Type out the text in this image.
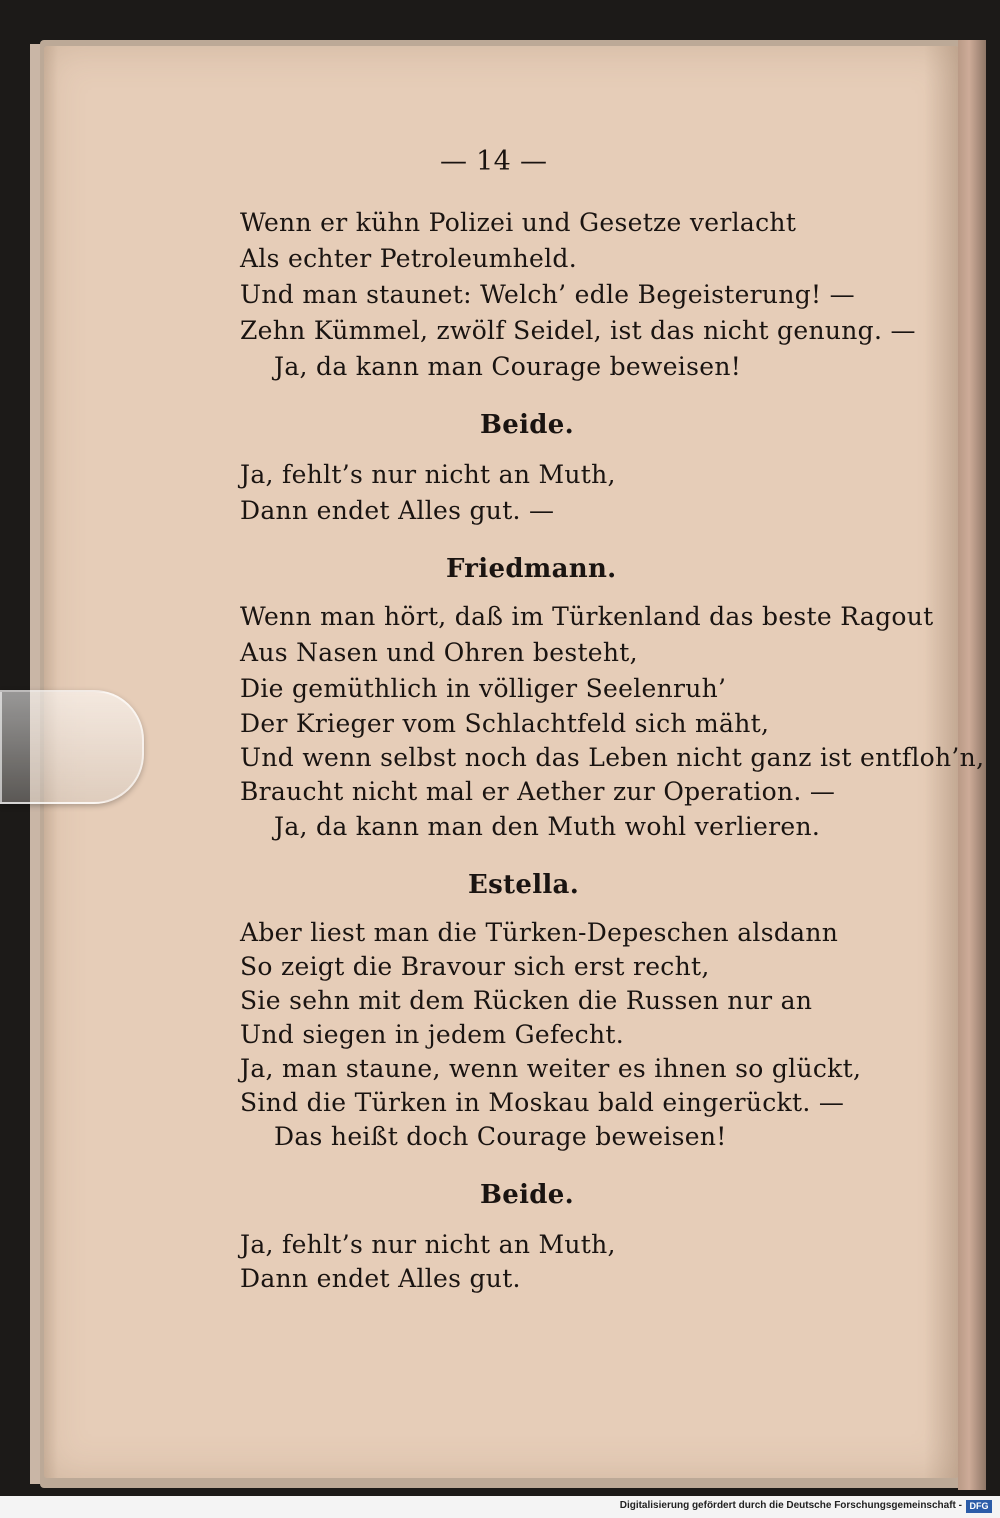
— 14 —
Wenn er kühn Polizei und Gesetze verlacht
Als echter Petroleumheld.
Und man staunet: Welch’ edle Begeisterung! —
Zehn Kümmel, zwölf Seidel, ist das nicht genung. —
Ja, da kann man Courage beweisen!
Beide.
Ja, fehlt’s nur nicht an Muth,
Dann endet Alles gut. —
Friedmann.
Wenn man hört, daß im Türkenland das beste Ragout
Aus Nasen und Ohren besteht,
Die gemüthlich in völliger Seelenruh’
Der Krieger vom Schlachtfeld sich mäht,
Und wenn selbst noch das Leben nicht ganz ist entfloh’n,
Braucht nicht mal er Aether zur Operation. —
Ja, da kann man den Muth wohl verlieren.
Estella.
Aber liest man die Türken-Depeschen alsdann
So zeigt die Bravour sich erst recht,
Sie sehn mit dem Rücken die Russen nur an
Und siegen in jedem Gefecht.
Ja, man staune, wenn weiter es ihnen so glückt,
Sind die Türken in Moskau bald eingerückt. —
Das heißt doch Courage beweisen!
Beide.
Ja, fehlt’s nur nicht an Muth,
Dann endet Alles gut.
Digitalisierung gefördert durch die Deutsche Forschungsgemeinschaft - DFG
